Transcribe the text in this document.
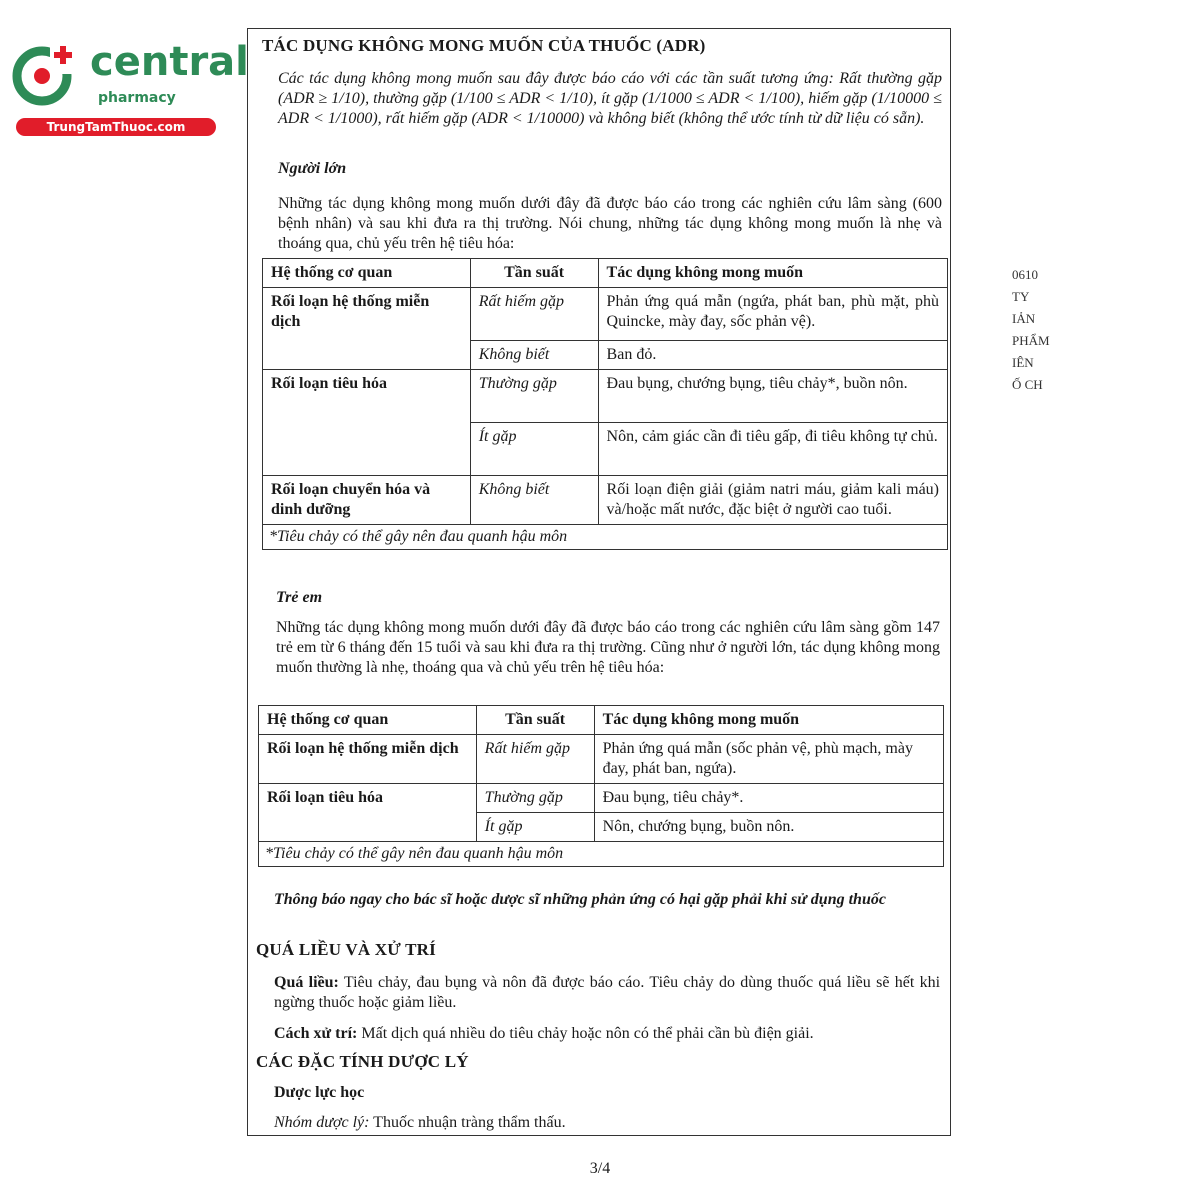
central
pharmacy
TrungTamThuoc.com
0610
TY
IẢN
PHẨM
IÊN
Ố CH
TÁC DỤNG KHÔNG MONG MUỐN CỦA THUỐC (ADR)
Các tác dụng không mong muốn sau đây được báo cáo với các tần suất tương ứng: Rất thường gặp (ADR ≥ 1/10), thường gặp (1/100 ≤ ADR < 1/10), ít gặp (1/1000 ≤ ADR < 1/100), hiếm gặp (1/10000 ≤ ADR < 1/1000), rất hiếm gặp (ADR < 1/10000) và không biết (không thể ước tính từ dữ liệu có sẵn).
Người lớn
Những tác dụng không mong muốn dưới đây đã được báo cáo trong các nghiên cứu lâm sàng (600 bệnh nhân) và sau khi đưa ra thị trường. Nói chung, những tác dụng không mong muốn là nhẹ và thoáng qua, chủ yếu trên hệ tiêu hóa:
Hệ thống cơ quan	Tần suất	Tác dụng không mong muốn
Rối loạn hệ thống miễn dịch	Rất hiếm gặp	Phản ứng quá mẫn (ngứa, phát ban, phù mặt, phù Quincke, mày đay, sốc phản vệ).
	Không biết	Ban đỏ.
Rối loạn tiêu hóa	Thường gặp	Đau bụng, chướng bụng, tiêu chảy*, buồn nôn.
	Ít gặp	Nôn, cảm giác cần đi tiêu gấp, đi tiêu không tự chủ.
Rối loạn chuyển hóa và dinh dưỡng	Không biết	Rối loạn điện giải (giảm natri máu, giảm kali máu) và/hoặc mất nước, đặc biệt ở người cao tuổi.
*Tiêu chảy có thể gây nên đau quanh hậu môn		
Trẻ em
Những tác dụng không mong muốn dưới đây đã được báo cáo trong các nghiên cứu lâm sàng gồm 147 trẻ em từ 6 tháng đến 15 tuổi và sau khi đưa ra thị trường. Cũng như ở người lớn, tác dụng không mong muốn thường là nhẹ, thoáng qua và chủ yếu trên hệ tiêu hóa:
Hệ thống cơ quan	Tần suất	Tác dụng không mong muốn
Rối loạn hệ thống miễn dịch	Rất hiếm gặp	Phản ứng quá mẫn (sốc phản vệ, phù mạch, mày đay, phát ban, ngứa).
Rối loạn tiêu hóa	Thường gặp	Đau bụng, tiêu chảy*.
	Ít gặp	Nôn, chướng bụng, buồn nôn.
*Tiêu chảy có thể gây nên đau quanh hậu môn		
Thông báo ngay cho bác sĩ hoặc dược sĩ những phản ứng có hại gặp phải khi sử dụng thuốc
QUÁ LIỀU VÀ XỬ TRÍ
Quá liều: Tiêu chảy, đau bụng và nôn đã được báo cáo. Tiêu chảy do dùng thuốc quá liều sẽ hết khi ngừng thuốc hoặc giảm liều.
Cách xử trí: Mất dịch quá nhiều do tiêu chảy hoặc nôn có thể phải cần bù điện giải.
CÁC ĐẶC TÍNH DƯỢC LÝ
Dược lực học
Nhóm dược lý: Thuốc nhuận tràng thẩm thấu.
3/4
